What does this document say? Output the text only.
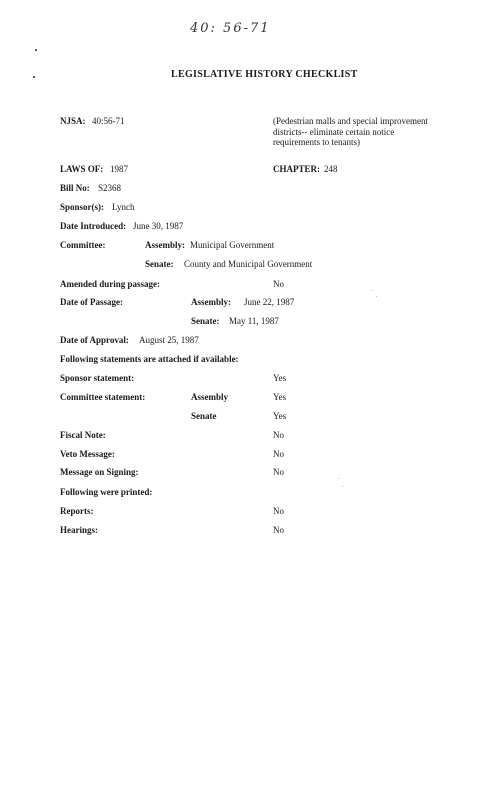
40: 56-71
LEGISLATIVE HISTORY CHECKLIST
NJSA: 40:56-71	(Pedestrian malls and special improvement districts-- eliminate certain notice requirements to tenants)
LAWS OF: 1987	CHAPTER: 248
Bill No: S2368
Sponsor(s): Lynch
Date Introduced: June 30, 1987
Committee:	Assembly: Municipal Government
Senate: County and Municipal Government
Amended during passage:	No
Date of Passage:	Assembly: June 22, 1987
Senate: May 11, 1987
Date of Approval: August 25, 1987
Following statements are attached if available:
Sponsor statement:	Yes
Committee statement:	Assembly	Yes
Senate	Yes
Fiscal Note:	No
Veto Message:	No
Message on Signing:	No
Following were printed:
Reports:	No
Hearings:	No
